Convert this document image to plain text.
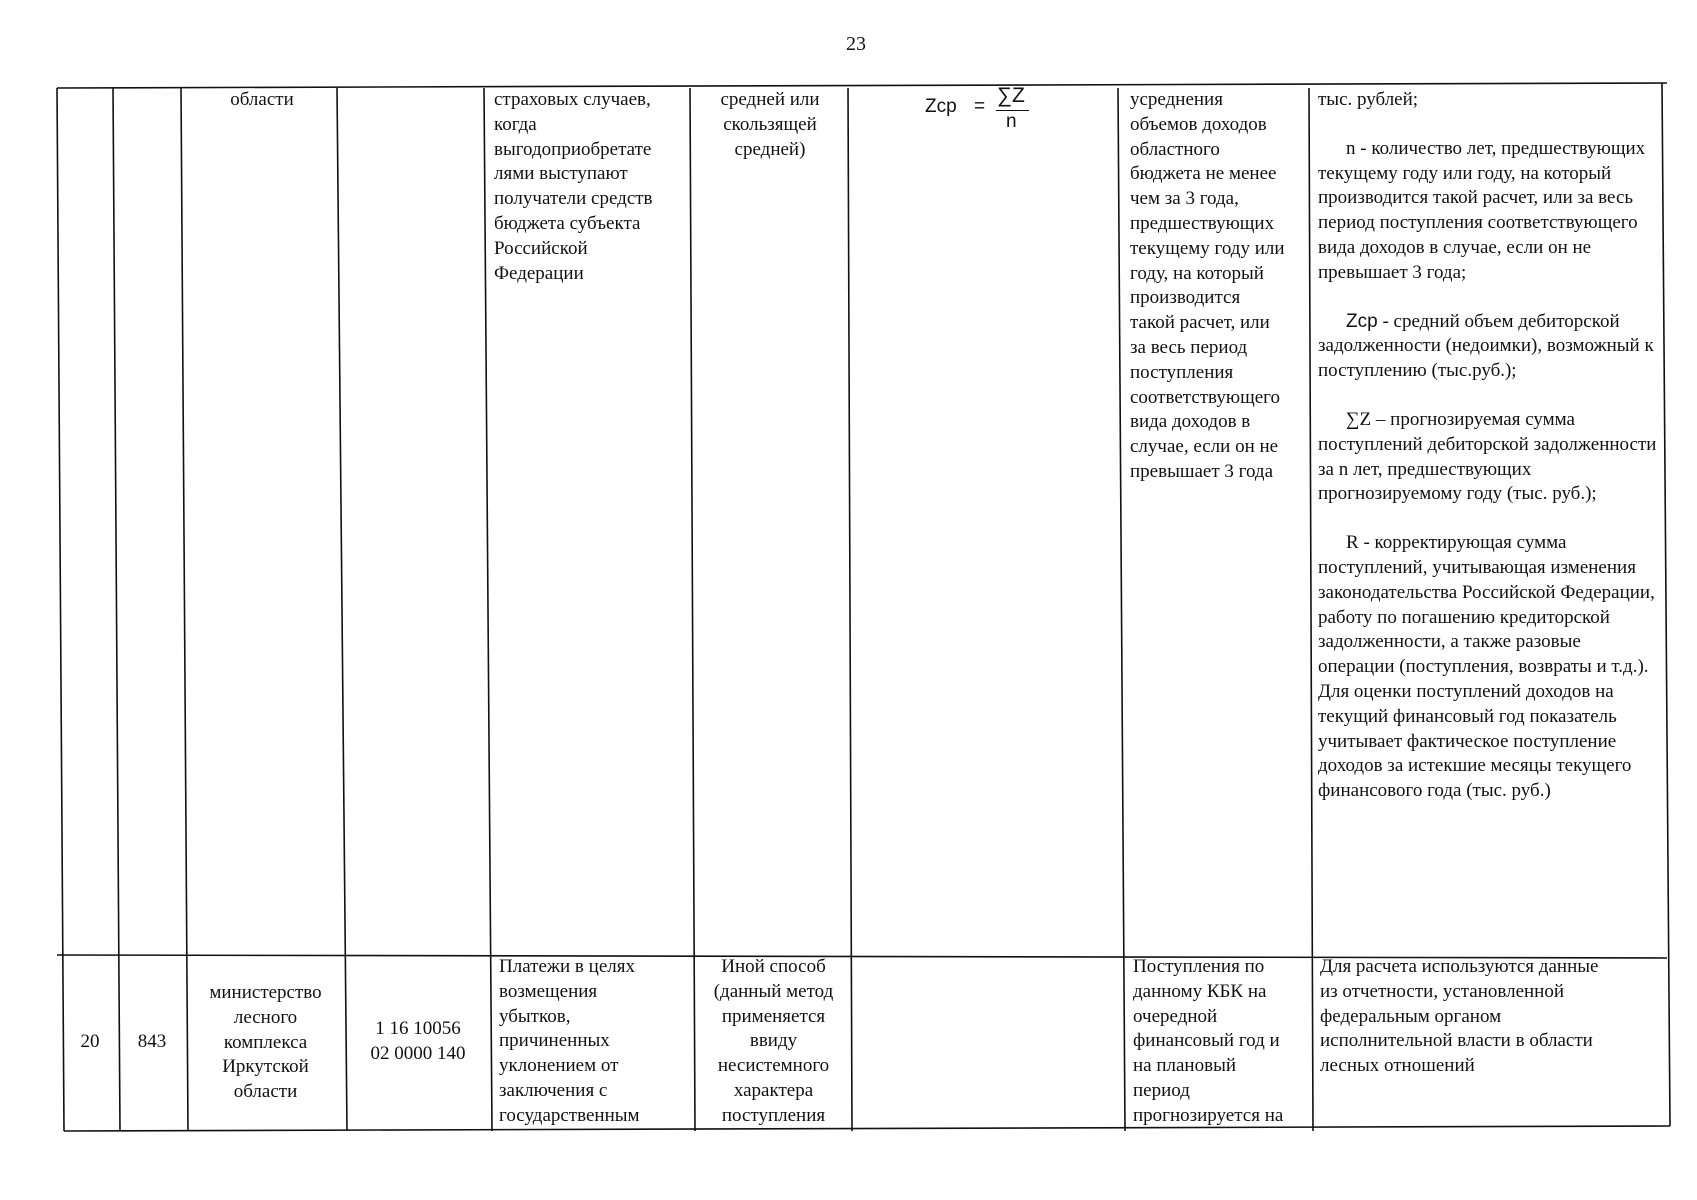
23
области	страховых случаев,
когда
выгодоприобретате
лями выступают
получатели средств
бюджета субъекта
Российской
Федерации
средней или
скользящей
средней)
Zcp = ∑Z
n
усреднения
объемов доходов
областного
бюджета не менее
чем за 3 года,
предшествующих
текущему году или
году, на который
производится
такой расчет, или
за весь период
поступления
соответствующего
вида доходов в
случае, если он не
превышает 3 года
тыс. рублей;
n - количество лет, предшествующих текущему году или году, на который производится такой расчет, или за весь период поступления соответствующего вида доходов в случае, если он не превышает 3 года;
Zcp - средний объем дебиторской задолженности (недоимки), возможный к поступлению (тыс.руб.);
∑Z – прогнозируемая сумма поступлений дебиторской задолженности за n лет, предшествующих прогнозируемому году (тыс. руб.);
R - корректирующая сумма поступлений, учитывающая изменения законодательства Российской Федерации, работу по погашению кредиторской задолженности, а также разовые операции (поступления, возвраты и т.д.). Для оценки поступлений доходов на текущий финансовый год показатель учитывает фактическое поступление доходов за истекшие месяцы текущего финансового года (тыс. руб.)
20	843
министерство
лесного
комплекса
Иркутской
области
1 16 10056
02 0000 140
Платежи в целях
возмещения
убытков,
причиненных
уклонением от
заключения с
государственным
Иной способ
(данный метод
применяется
ввиду
несистемного
характера
поступления
Поступления по
данному КБК на
очередной
финансовый год и
на плановый
период
прогнозируется на
Для расчета используются данные
из отчетности, установленной
федеральным органом
исполнительной власти в области
лесных отношений
